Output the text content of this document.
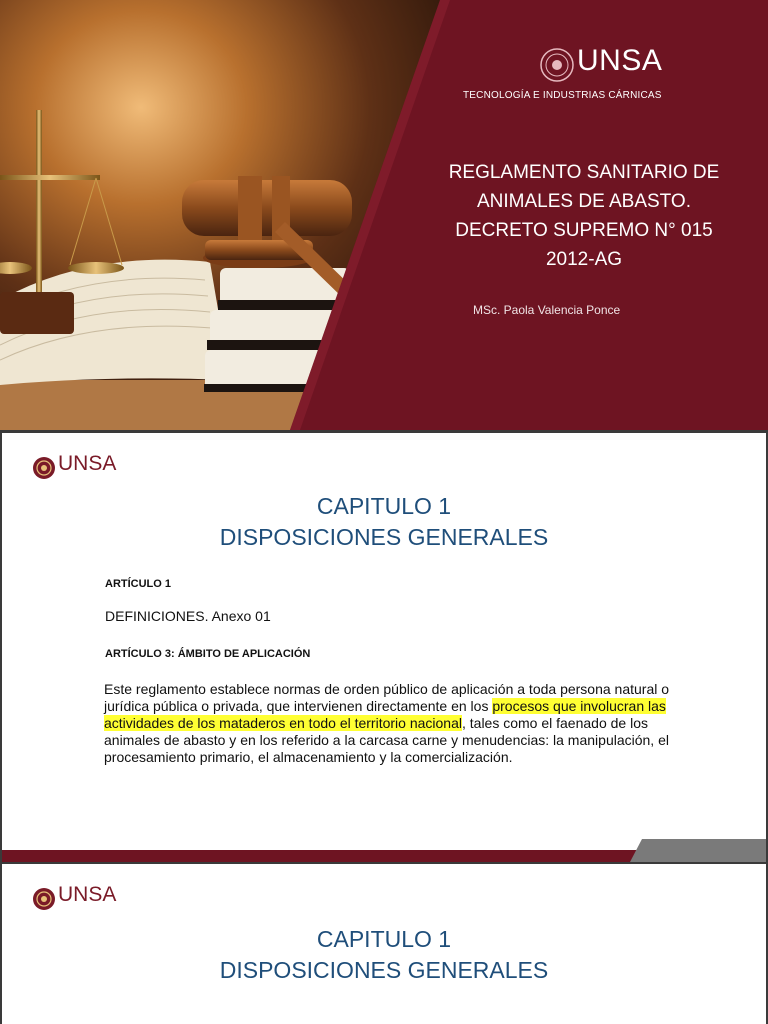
UNSA
TECNOLOGÍA E INDUSTRIAS CÁRNICAS
REGLAMENTO SANITARIO DE
ANIMALES DE ABASTO.
DECRETO SUPREMO N° 015
2012-AG
MSc. Paola Valencia Ponce
UNSA
CAPITULO 1
DISPOSICIONES GENERALES
ARTÍCULO 1
DEFINICIONES. Anexo 01
ARTÍCULO 3: ÁMBITO DE APLICACIÓN
Este reglamento establece normas de orden público de aplicación a toda persona natural o jurídica pública o privada, que intervienen directamente en los procesos que involucran las actividades de los mataderos en todo el territorio nacional, tales como el faenado de los animales de abasto y en los referido a la carcasa carne y menudencias: la manipulación, el procesamiento primario, el almacenamiento y la comercialización.
UNSA
CAPITULO 1
DISPOSICIONES GENERALES
